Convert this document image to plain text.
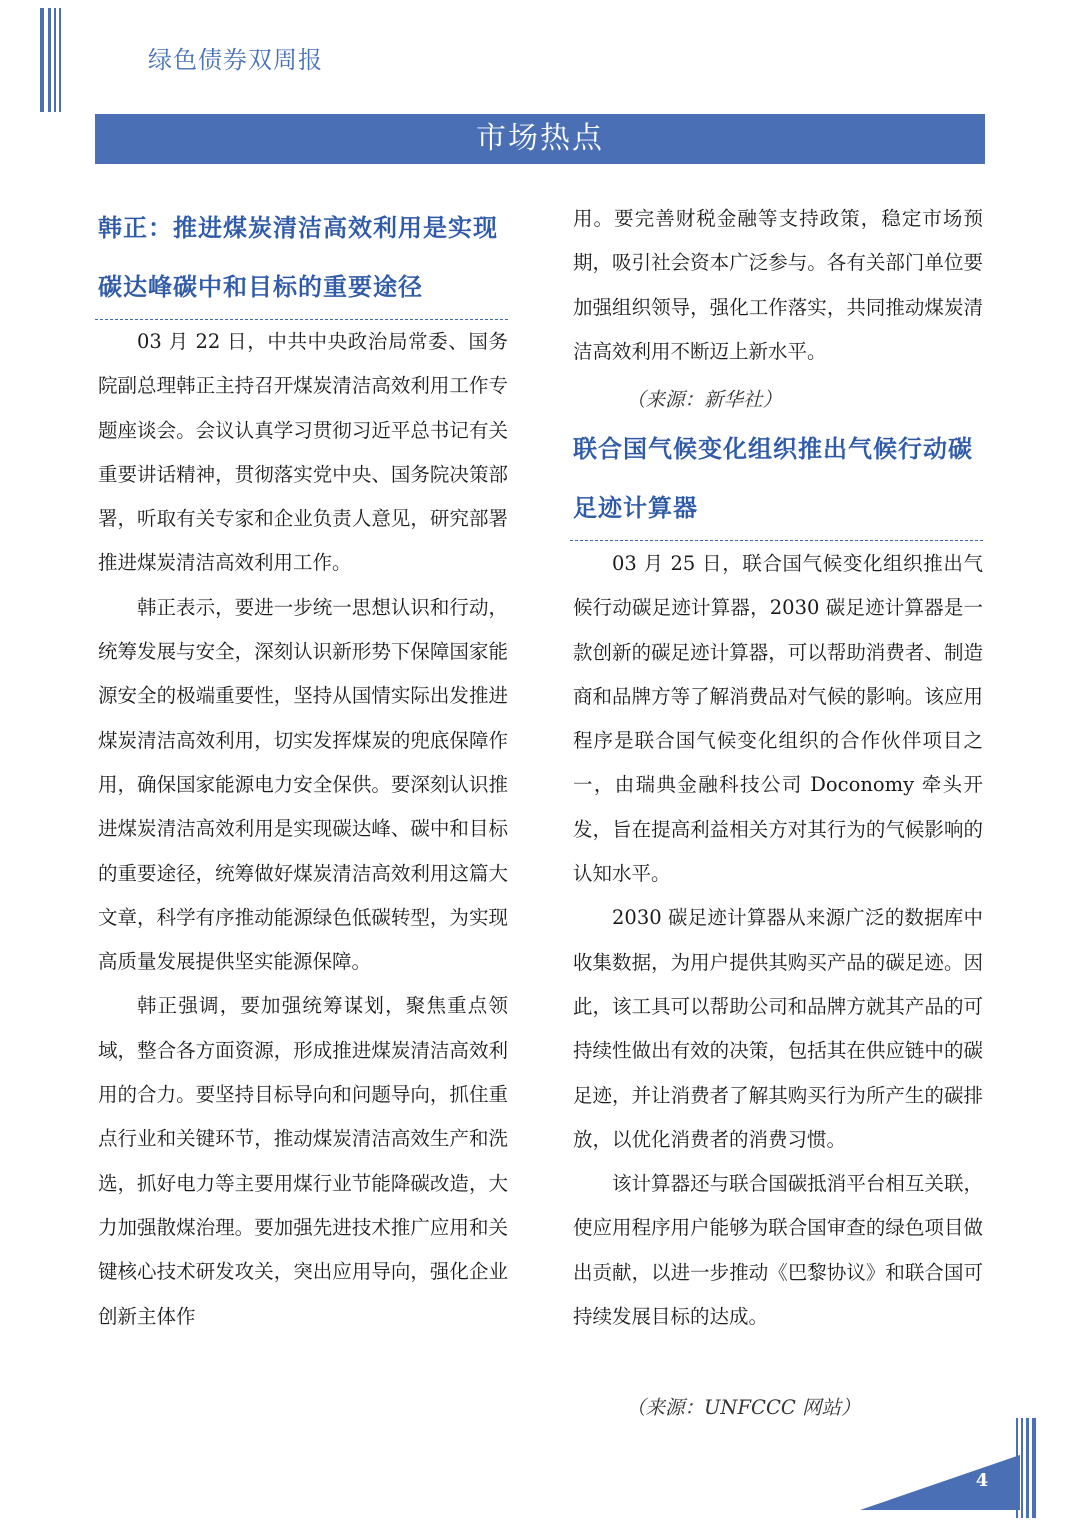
绿色债券双周报
市场热点
韩正：推进煤炭清洁高效利用是实现碳达峰碳中和目标的重要途径

03 月 22 日，中共中央政治局常委、国务院副总理韩正主持召开煤炭清洁高效利用工作专题座谈会。会议认真学习贯彻习近平总书记有关重要讲话精神，贯彻落实党中央、国务院决策部署，听取有关专家和企业负责人意见，研究部署推进煤炭清洁高效利用工作。

韩正表示，要进一步统一思想认识和行动，统筹发展与安全，深刻认识新形势下保障国家能源安全的极端重要性，坚持从国情实际出发推进煤炭清洁高效利用，切实发挥煤炭的兜底保障作用，确保国家能源电力安全保供。要深刻认识推进煤炭清洁高效利用是实现碳达峰、碳中和目标的重要途径，统筹做好煤炭清洁高效利用这篇大文章，科学有序推动能源绿色低碳转型，为实现高质量发展提供坚实能源保障。

韩正强调，要加强统筹谋划，聚焦重点领域，整合各方面资源，形成推进煤炭清洁高效利用的合力。要坚持目标导向和问题导向，抓住重点行业和关键环节，推动煤炭清洁高效生产和洗选，抓好电力等主要用煤行业节能降碳改造，大力加强散煤治理。要加强先进技术推广应用和关键核心技术研发攻关，突出应用导向，强化企业创新主体作

用。要完善财税金融等支持政策，稳定市场预期，吸引社会资本广泛参与。各有关部门单位要加强组织领导，强化工作落实，共同推动煤炭清洁高效利用不断迈上新水平。

（来源：新华社）
联合国气候变化组织推出气候行动碳足迹计算器

03 月 25 日，联合国气候变化组织推出气候行动碳足迹计算器，2030 碳足迹计算器是一款创新的碳足迹计算器，可以帮助消费者、制造商和品牌方等了解消费品对气候的影响。该应用程序是联合国气候变化组织的合作伙伴项目之一，由瑞典金融科技公司 Doconomy 牵头开发，旨在提高利益相关方对其行为的气候影响的认知水平。

2030 碳足迹计算器从来源广泛的数据库中收集数据，为用户提供其购买产品的碳足迹。因此，该工具可以帮助公司和品牌方就其产品的可持续性做出有效的决策，包括其在供应链中的碳足迹，并让消费者了解其购买行为所产生的碳排放，以优化消费者的消费习惯。

该计算器还与联合国碳抵消平台相互关联，使应用程序用户能够为联合国审查的绿色项目做出贡献，以进一步推动《巴黎协议》和联合国可持续发展目标的达成。

（来源：UNFCCC 网站）
4
